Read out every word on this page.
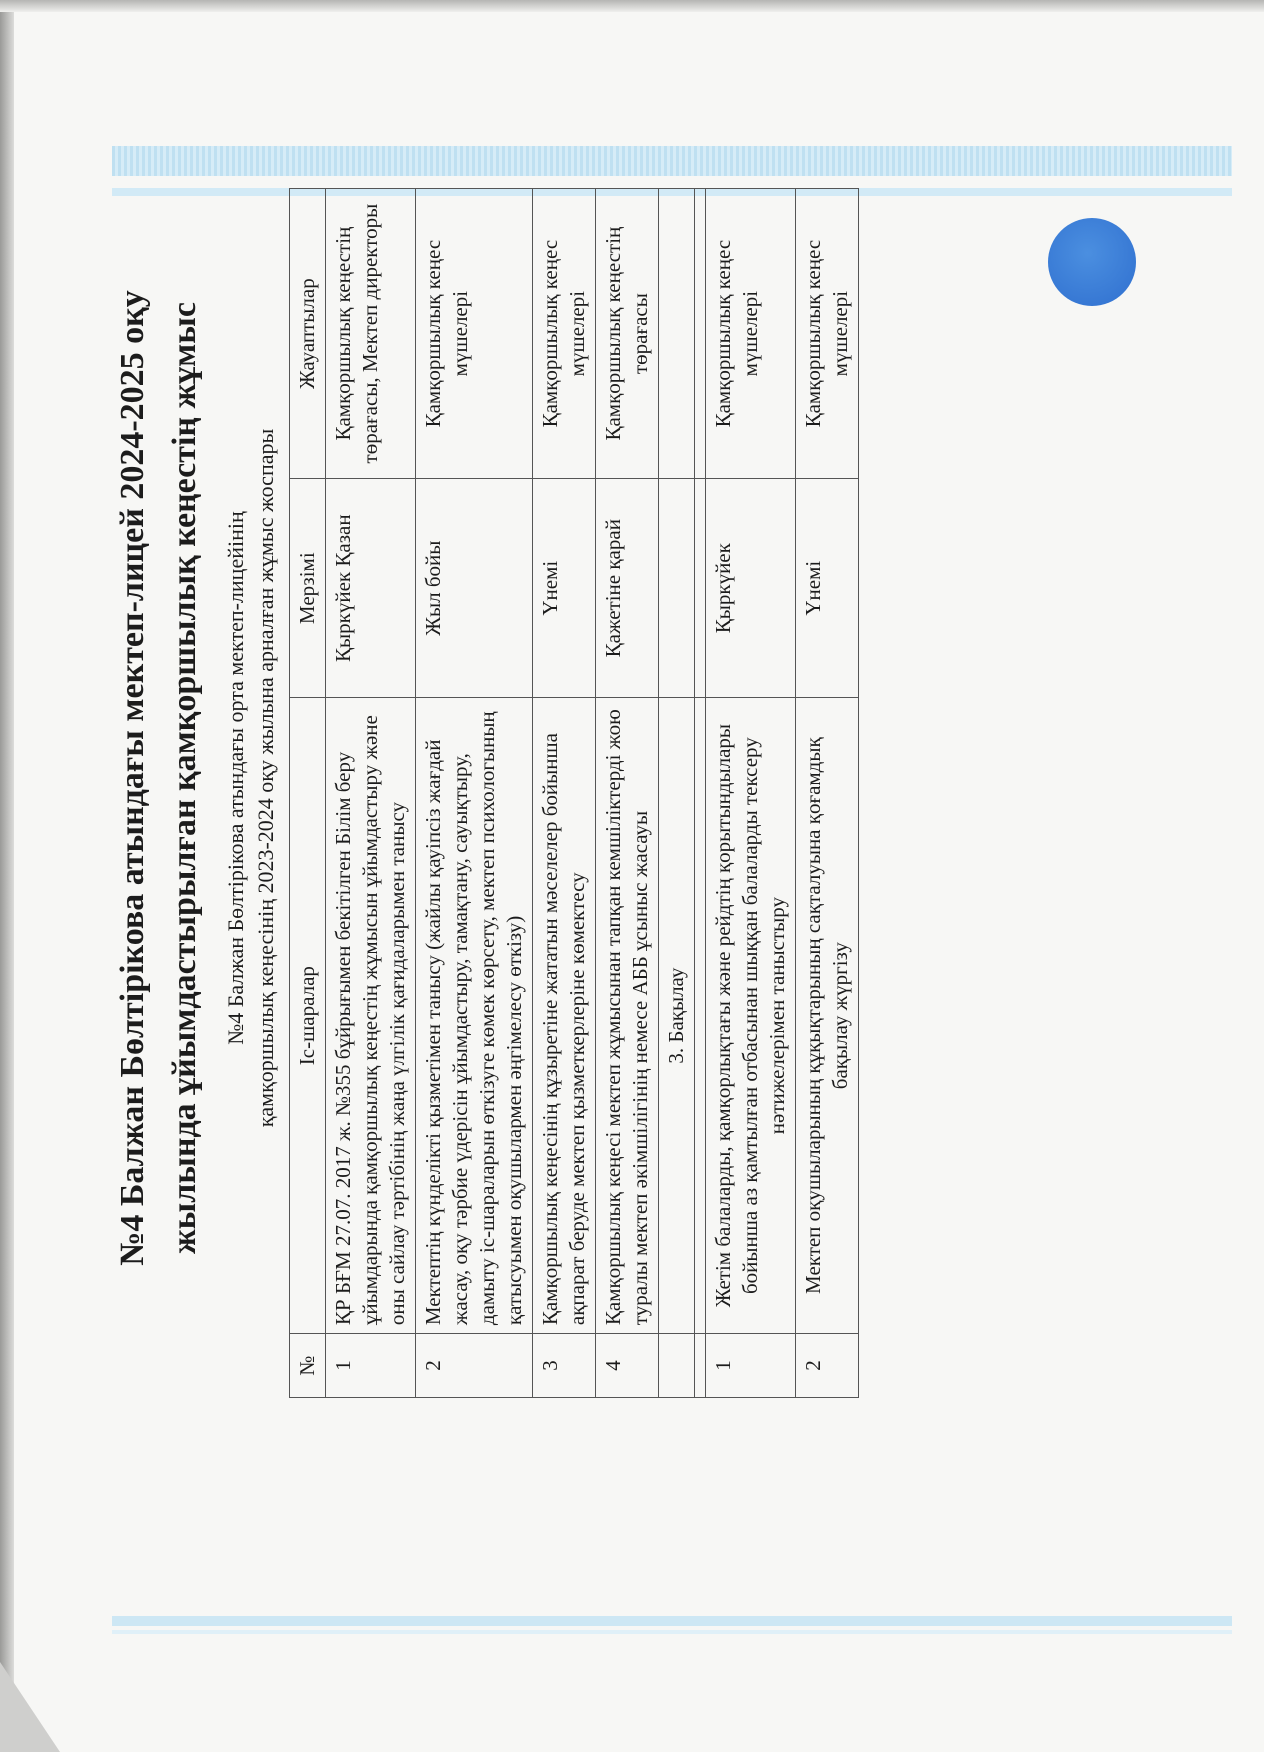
№4 Балжан Бөлтірікова атындағы мектеп-лицей 2024-2025 оқу жылында ұйымдастырылған қамқоршылық кеңестің жұмыс №4 Балжан Бөлтірікова атындағы орта мектеп-лицейінің қамқоршылық кеңесінің 2023-2024 оқу жылына арналған жұмыс жоспары
№	Іс-шаралар	Мерзімі	Жауаптылар
1	ҚР БҒМ 27.07. 2017 ж. №355 бұйрығымен бекітілген Білім беру ұйымдарында қамқоршылық кеңестің жұмысын ұйымдастыру және оны сайлау тәртібінің жаңа үлгілік қағидаларымен танысу	Қыркүйек Қазан	Қамқоршылық кеңестің төрағасы, Мектеп директоры
2	Мектептің күнделікті қызметімен танысу (жайлы қауіпсіз жағдай жасау, оқу тәрбие үдерісін ұйымдастыру, тамақтану, сауықтыру, дамыту іс-шараларын өткізуге көмек көрсету, мектеп психологының қатысуымен оқушылармен әңгімелесу өткізу)	Жыл бойы	Қамқоршылық кеңес мүшелері
3	Қамқоршылық кеңесінің құзыретіне жататын мәселелер бойынша ақпарат беруде мектеп қызметкерлеріне көмектесу	Үнемі	Қамқоршылық кеңес мүшелері
4	Қамқоршылық кеңесі мектеп жұмысынан тапқан кемшіліктерді жою туралы мектеп әкімшілігінің немесе АББ ұсыныс жасауы	Қажетіне қарай	Қамқоршылық кеңестің төрағасы
	3. Бақылау		

1	Жетім балаларды, қамқорлықтағы және рейдтің қорытындылары бойынша аз қамтылған отбасынан шыққан балаларды тексеру нәтижелерімен таныстыру	Қыркүйек	Қамқоршылық кеңес мүшелері
2	Мектеп оқушыларының құқықтарының сақталуына қоғамдық бақылау жүргізу	Үнемі	Қамқоршылық кеңес мүшелері
